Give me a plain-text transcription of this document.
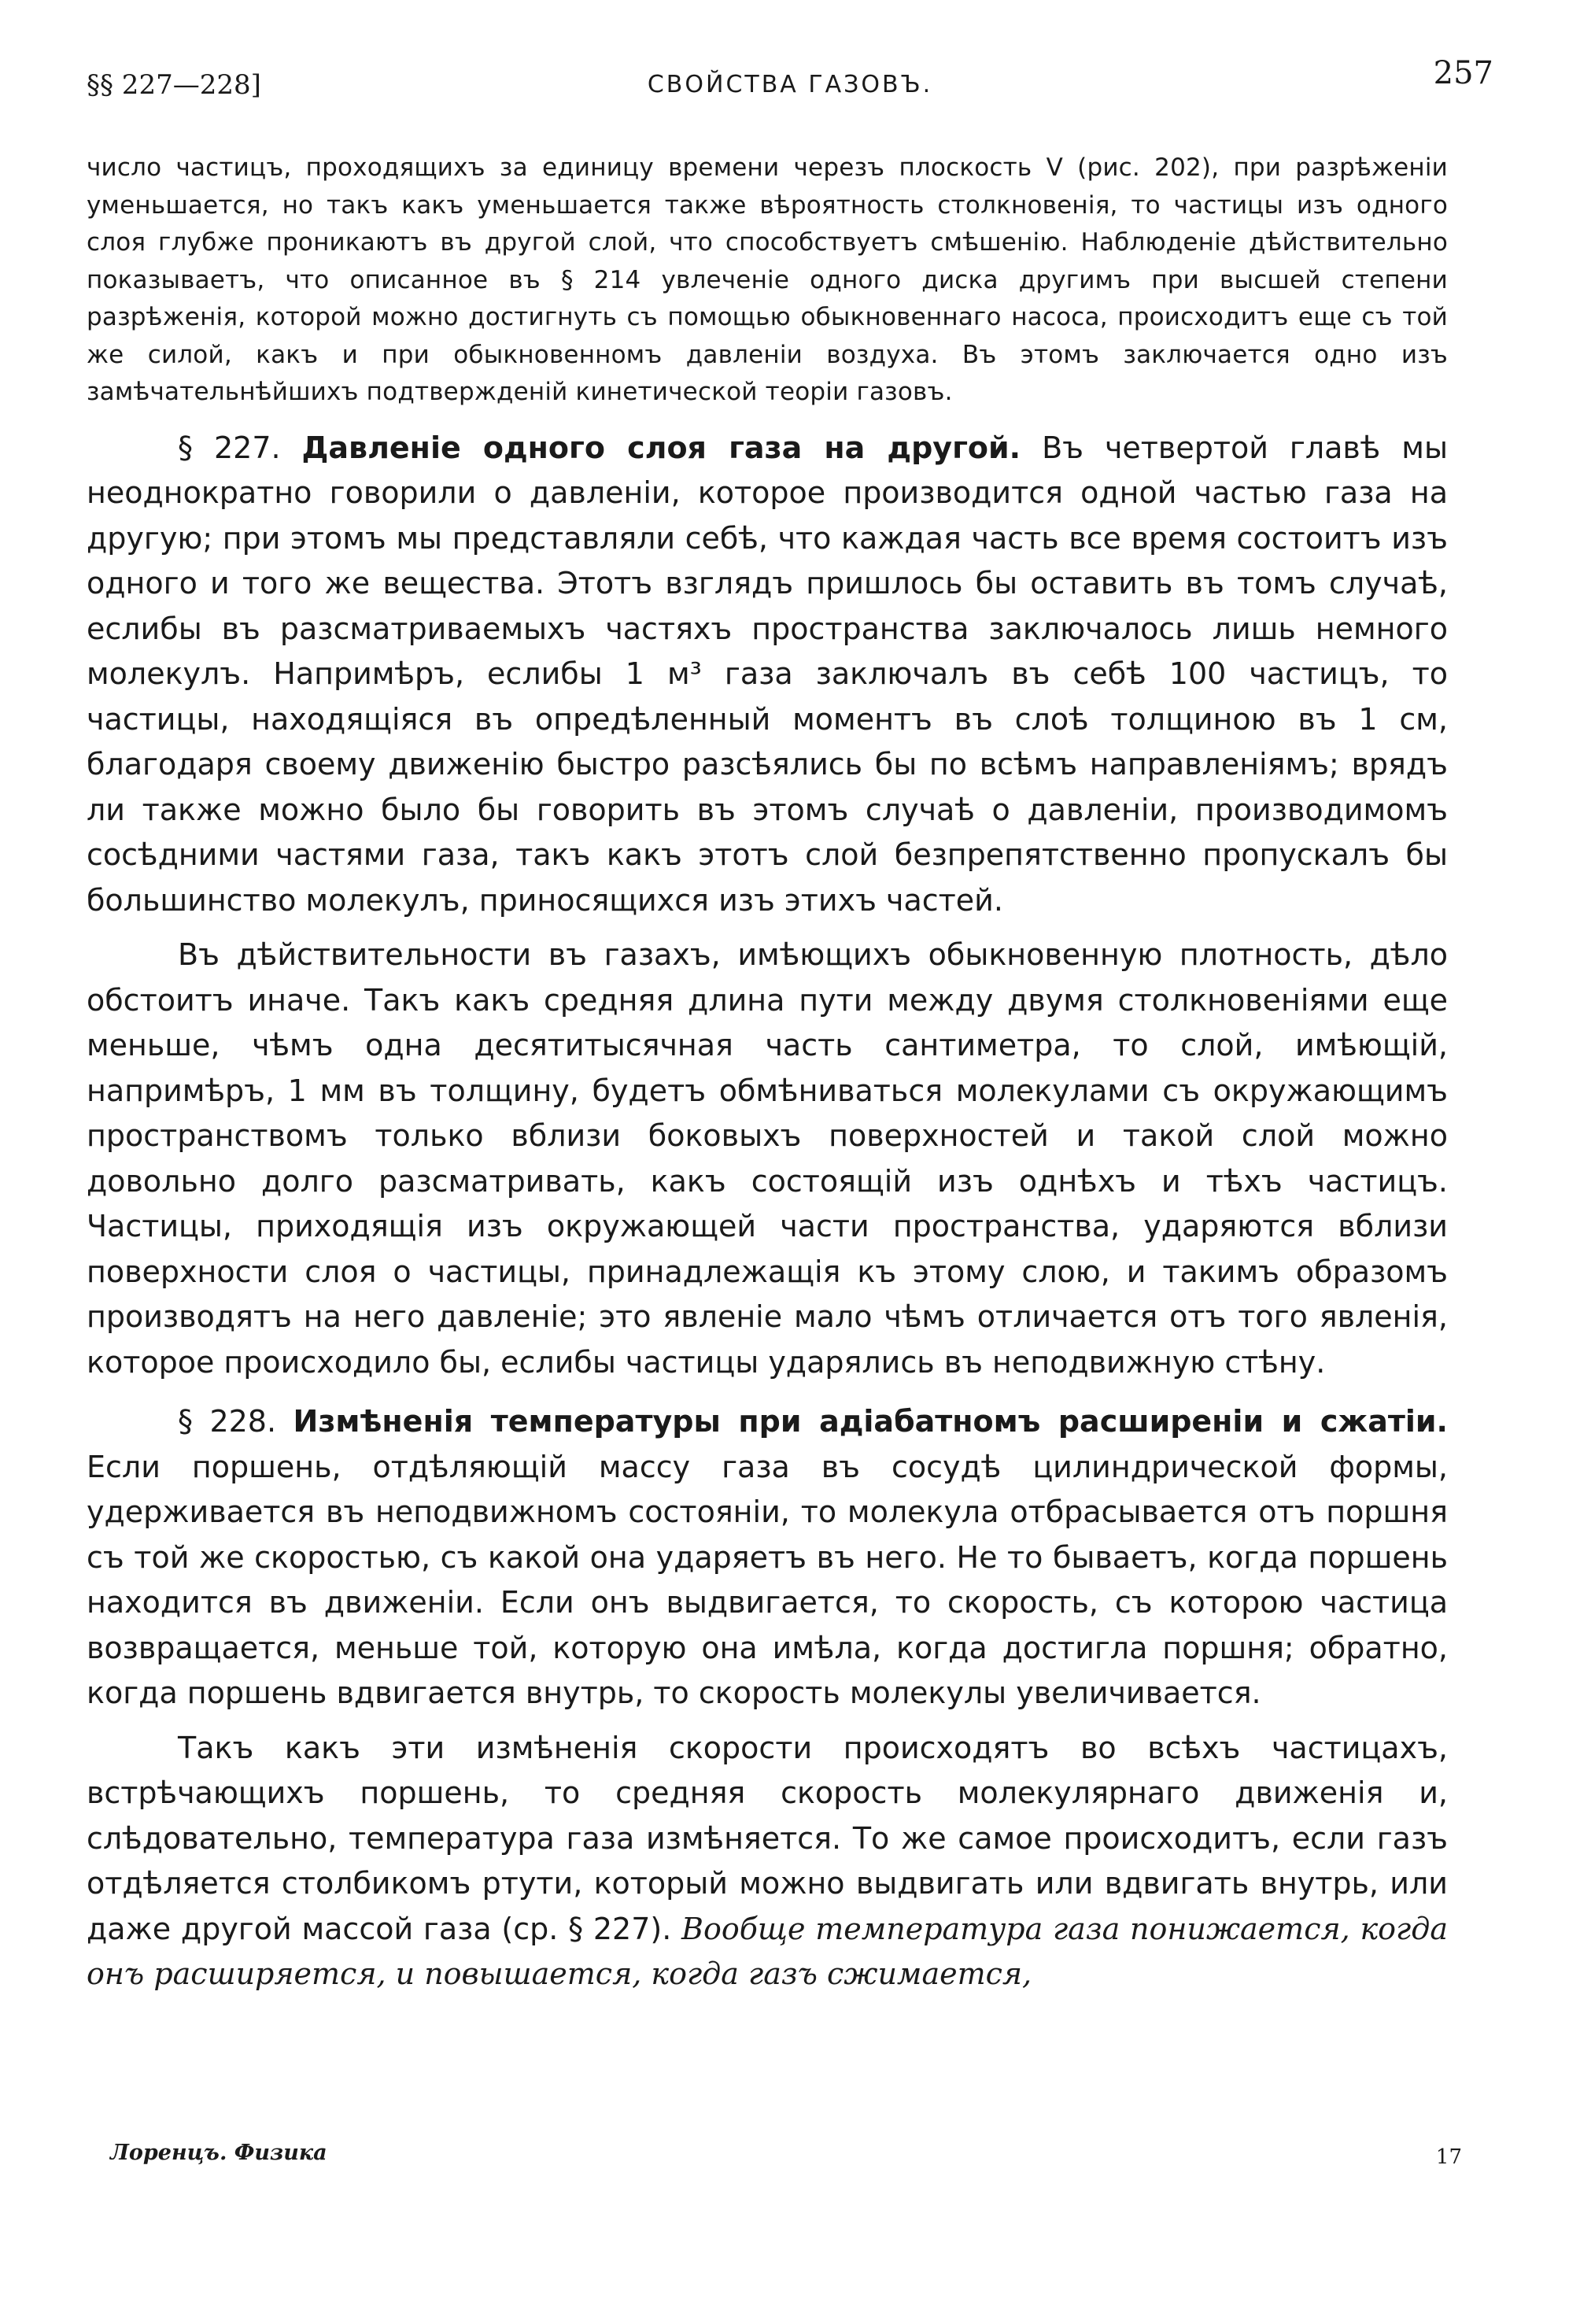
§§ 227—228]	СВОЙСТВА ГАЗОВЪ.	257

число частицъ, проходящихъ за единицу времени черезъ плоскость V (рис. 202), при разрѣженіи уменьшается, но такъ какъ уменьшается также вѣроятность столкновенія, то частицы изъ одного слоя глубже проникаютъ въ другой слой, что способствуетъ смѣшенію. Наблюденіе дѣйствительно показываетъ, что описанное въ § 214 увлеченіе одного диска другимъ при высшей степени разрѣженія, которой можно достигнуть съ помощью обыкновеннаго насоса, происходитъ еще съ той же силой, какъ и при обыкновенномъ давленіи воздуха. Въ этомъ заключается одно изъ замѣчательнѣйшихъ подтвержденій кинетической теоріи газовъ.

§ 227. Давленіе одного слоя газа на другой. Въ четвертой главѣ мы неоднократно говорили о давленіи, которое производится одной частью газа на другую; при этомъ мы представляли себѣ, что каждая часть все время состоитъ изъ одного и того же вещества. Этотъ взглядъ пришлось бы оставить въ томъ случаѣ, еслибы въ разсматриваемыхъ частяхъ пространства заключалось лишь немного молекулъ. Напримѣръ, еслибы 1 м³ газа заключалъ въ себѣ 100 частицъ, то частицы, находящіяся въ опредѣленный моментъ въ слоѣ толщиною въ 1 см, благодаря своему движенію быстро разсѣялись бы по всѣмъ направленіямъ; врядъ ли также можно было бы говорить въ этомъ случаѣ о давленіи, производимомъ сосѣдними частями газа, такъ какъ этотъ слой безпрепятственно пропускалъ бы большинство молекулъ, приносящихся изъ этихъ частей.

Въ дѣйствительности въ газахъ, имѣющихъ обыкновенную плотность, дѣло обстоитъ иначе. Такъ какъ средняя длина пути между двумя столкновеніями еще меньше, чѣмъ одна десятитысячная часть сантиметра, то слой, имѣющій, напримѣръ, 1 мм въ толщину, будетъ обмѣниваться молекулами съ окружающимъ пространствомъ только вблизи боковыхъ поверхностей и такой слой можно довольно долго разсматривать, какъ состоящій изъ однѣхъ и тѣхъ частицъ. Частицы, приходящія изъ окружающей части пространства, ударяются вблизи поверхности слоя о частицы, принадлежащія къ этому слою, и такимъ образомъ производятъ на него давленіе; это явленіе мало чѣмъ отличается отъ того явленія, которое происходило бы, еслибы частицы ударялись въ неподвижную стѣну.

§ 228. Измѣненія температуры при адіабатномъ расширеніи и сжатіи. Если поршень, отдѣляющій массу газа въ сосудѣ цилиндрической формы, удерживается въ неподвижномъ состояніи, то молекула отбрасывается отъ поршня съ той же скоростью, съ какой она ударяетъ въ него. Не то бываетъ, когда поршень находится въ движеніи. Если онъ выдвигается, то скорость, съ которою частица возвращается, меньше той, которую она имѣла, когда достигла поршня; обратно, когда поршень вдвигается внутрь, то скорость молекулы увеличивается.

Такъ какъ эти измѣненія скорости происходятъ во всѣхъ частицахъ, встрѣчающихъ поршень, то средняя скорость молекулярнаго движенія и, слѣдовательно, температура газа измѣняется. То же самое происходитъ, если газъ отдѣляется столбикомъ ртути, который можно выдвигать или вдвигать внутрь, или даже другой массой газа (ср. § 227). Вообще температура газа понижается, когда онъ расширяется, и повышается, когда газъ сжимается,

Лоренцъ. Физика	17
